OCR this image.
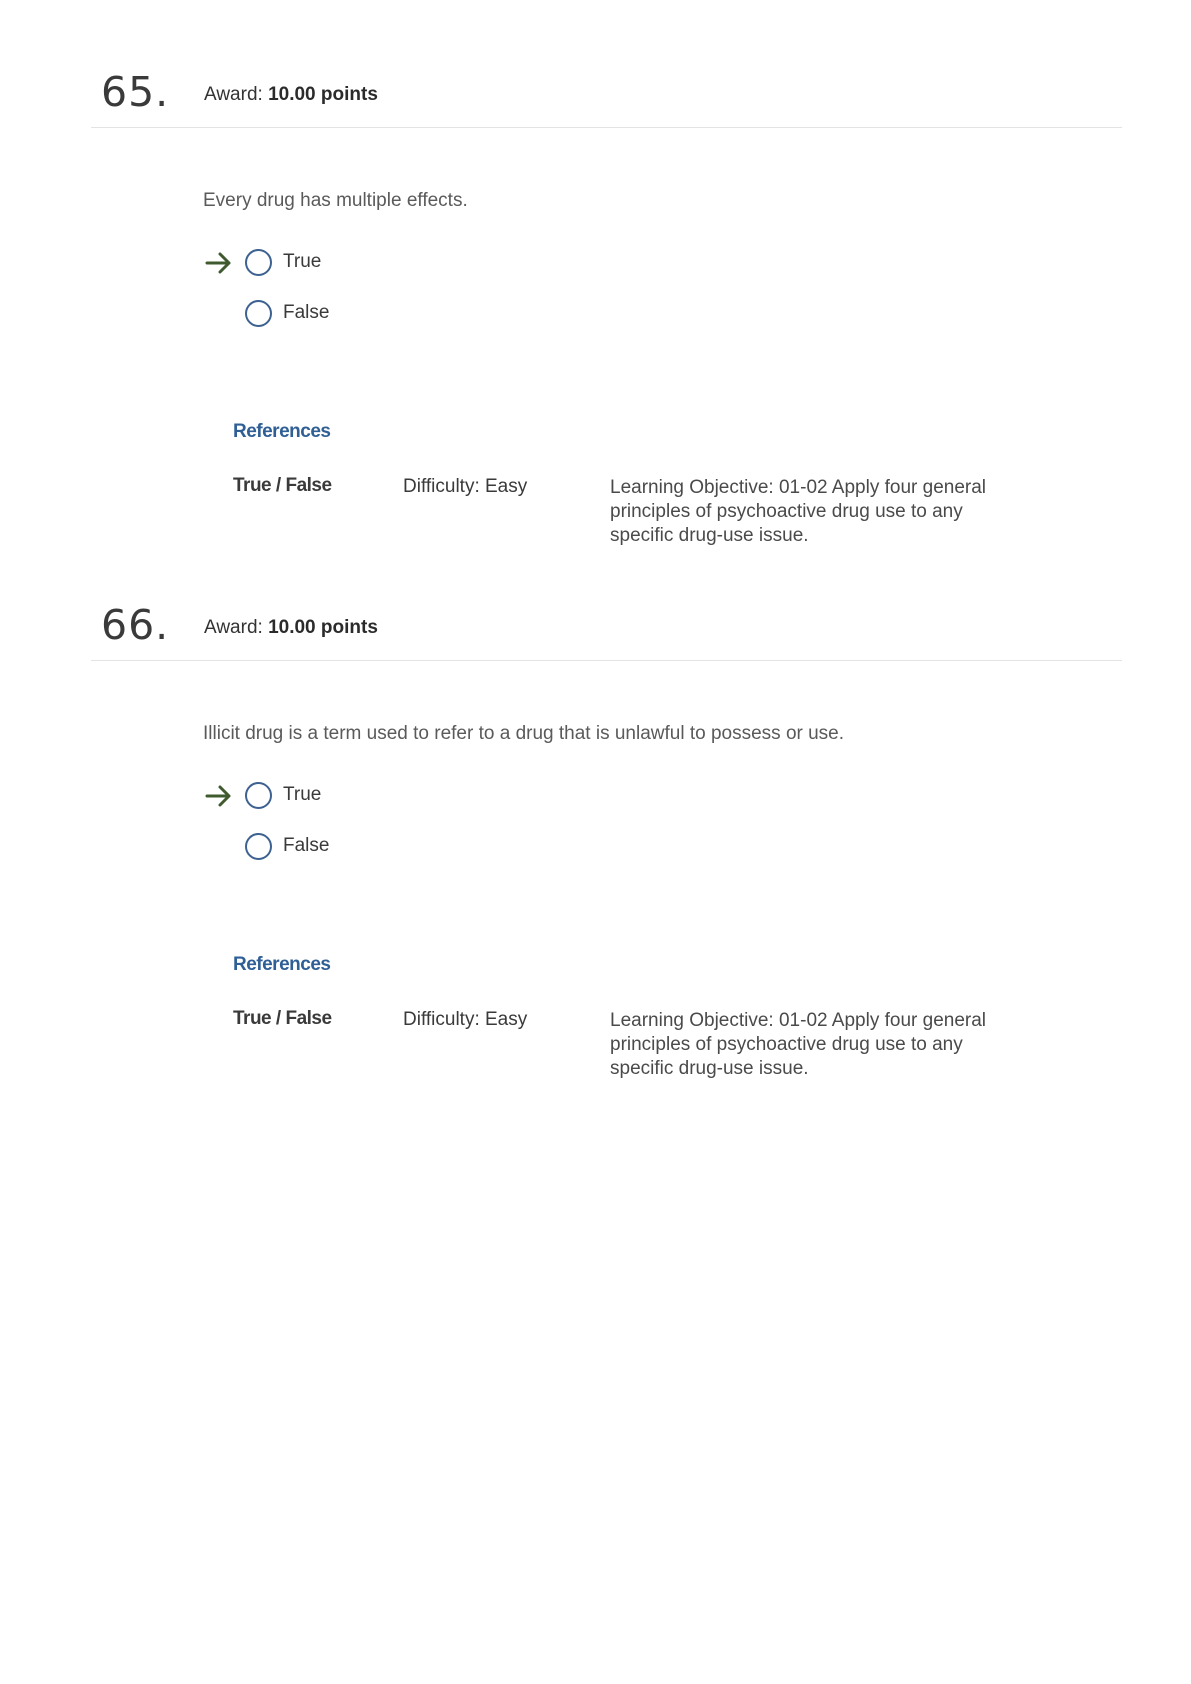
65. Award: 10.00 points
Every drug has multiple effects.
True
False
References
True / False	Difficulty: Easy	Learning Objective: 01-02 Apply four general principles of psychoactive drug use to any specific drug-use issue.
66. Award: 10.00 points
Illicit drug is a term used to refer to a drug that is unlawful to possess or use.
True
False
References
True / False	Difficulty: Easy	Learning Objective: 01-02 Apply four general principles of psychoactive drug use to any specific drug-use issue.
